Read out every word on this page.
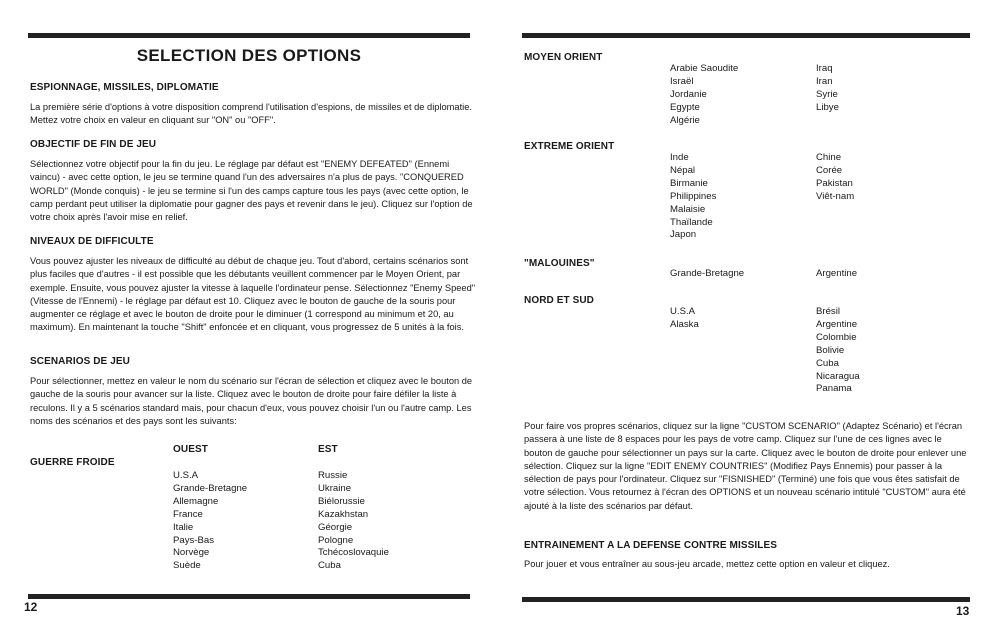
SELECTION DES OPTIONS
ESPIONNAGE, MISSILES, DIPLOMATIE
La première série d'options à votre disposition comprend l'utilisation d'espions, de missiles et de diplomatie. Mettez votre choix en valeur en cliquant sur "ON" ou "OFF".
OBJECTIF DE FIN DE JEU
Sélectionnez votre objectif pour la fin du jeu. Le réglage par défaut est "ENEMY DEFEATED" (Ennemi vaincu) - avec cette option, le jeu se termine quand l'un des adversaires n'a plus de pays. "CONQUERED WORLD" (Monde conquis) - le jeu se termine si l'un des camps capture tous les pays (avec cette option, le camp perdant peut utiliser la diplomatie pour gagner des pays et revenir dans le jeu). Cliquez sur l'option de votre choix après l'avoir mise en relief.
NIVEAUX DE DIFFICULTE
Vous pouvez ajuster les niveaux de difficulté au début de chaque jeu. Tout d'abord, certains scénarios sont plus faciles que d'autres - il est possible que les débutants veuillent commencer par le Moyen Orient, par exemple. Ensuite, vous pouvez ajuster la vitesse à laquelle l'ordinateur pense. Sélectionnez "Enemy Speed" (Vitesse de l'Ennemi) - le réglage par défaut est 10. Cliquez avec le bouton de gauche de la souris pour augmenter ce réglage et avec le bouton de droite pour le diminuer (1 correspond au minimum et 20, au maximum). En maintenant la touche "Shift" enfoncée et en cliquant, vous progressez de 5 unités à la fois.
SCENARIOS DE JEU
Pour sélectionner, mettez en valeur le nom du scénario sur l'écran de sélection et cliquez avec le bouton de gauche de la souris pour avancer sur la liste. Cliquez avec le bouton de droite pour faire défiler la liste à reculons. Il y a 5 scénarios standard mais, pour chacun d'eux, vous pouvez choisir l'un ou l'autre camp. Les noms des scénarios et des pays sont les suivants:
OUEST	EST
GUERRE FROIDE
U.S.A
Grande-Bretagne
Allemagne
France
Italie
Pays-Bas
Norvège
Suède
Russie
Ukraine
Biélorussie
Kazakhstan
Géorgie
Pologne
Tchécoslovaquie
Cuba
12
MOYEN ORIENT
Arabie Saoudite
Israël
Jordanie
Egypte
Algérie
Iraq
Iran
Syrie
Libye
EXTREME ORIENT
Inde
Népal
Birmanie
Philippines
Malaisie
Thaïlande
Japon
Chine
Corée
Pakistan
Viêt-nam
"MALOUINES"
Grande-Bretagne	Argentine
NORD ET SUD
U.S.A
Alaska
Brésil
Argentine
Colombie
Bolivie
Cuba
Nicaragua
Panama
Pour faire vos propres scénarios, cliquez sur la ligne "CUSTOM SCENARIO" (Adaptez Scénario) et l'écran passera à une liste de 8 espaces pour les pays de votre camp. Cliquez sur l'une de ces lignes avec le bouton de gauche pour sélectionner un pays sur la carte. Cliquez avec le bouton de droite pour enlever une sélection. Cliquez sur la ligne "EDIT ENEMY COUNTRIES" (Modifiez Pays Ennemis) pour passer à la sélection de pays pour l'ordinateur. Cliquez sur "FISNISHED" (Terminé) une fois que vous êtes satisfait de votre sélection. Vous retournez à l'écran des OPTIONS et un nouveau scénario intitulé "CUSTOM" aura été ajouté à la liste des scénarios par défaut.
ENTRAINEMENT A LA DEFENSE CONTRE MISSILES
Pour jouer et vous entraîner au sous-jeu arcade, mettez cette option en valeur et cliquez.
13
